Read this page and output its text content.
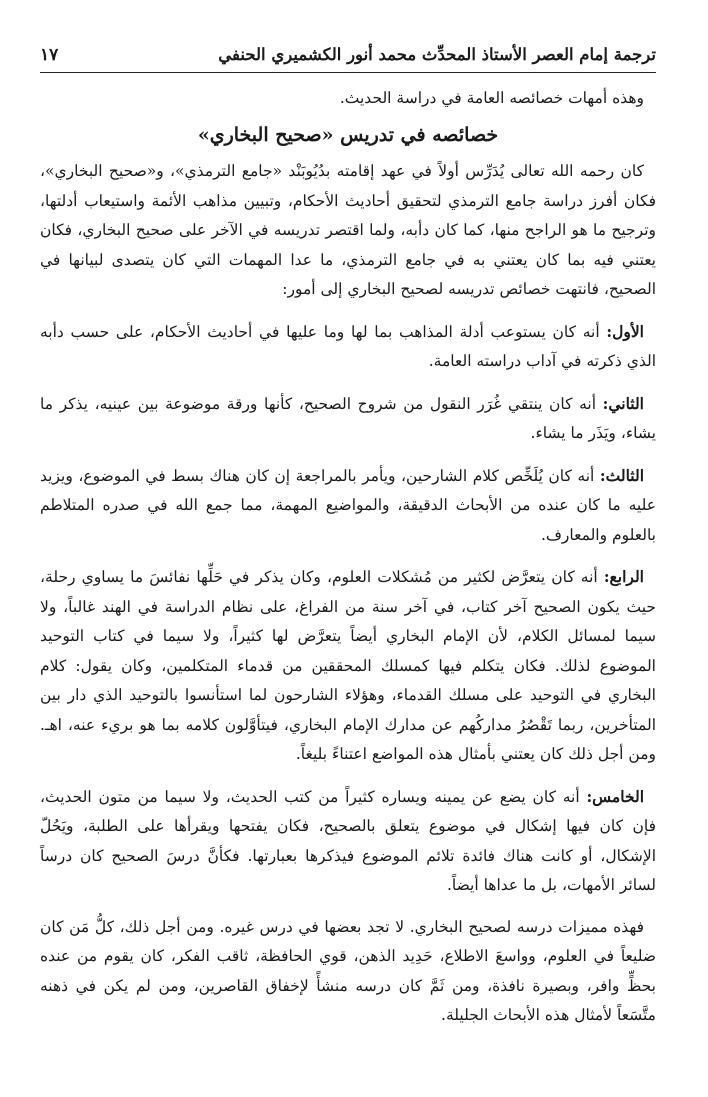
ترجمة إمام العصر الأستاذ المحدِّث محمد أنور الكشميري الحنفي
١٧

وهذه أمهات خصائصه العامة في دراسة الحديث.

خصائصه في تدريس «صحيح البخاري»

كان رحمه الله تعالى يُدَرِّس أولاً في عهد إقامته بدُيُوبَنْد «جامع الترمذي»، و«صحيح البخاري»، فكان أفرز دراسة جامع الترمذي لتحقيق أحاديث الأحكام، وتبيين مذاهب الأئمة واستيعاب أدلتها، وترجيح ما هو الراجح منها، كما كان دأبه، ولما اقتصر تدريسه في الآخر على صحيح البخاري، فكان يعتني فيه بما كان يعتني به في جامع الترمذي، ما عدا المهمات التي كان يتصدى لبيانها في الصحيح، فانتهت خصائص تدريسه لصحيح البخاري إلى أمور:

الأول: أنه كان يستوعب أدلة المذاهب بما لها وما عليها في أحاديث الأحكام، على حسب دأبه الذي ذكرته في آداب دراسته العامة.

الثاني: أنه كان ينتقي غُرَر النقول من شروح الصحيح، كأنها ورقة موضوعة بين عينيه، يذكر ما يشاء، ويَذَر ما يشاء.

الثالث: أنه كان يُلَخِّص كلام الشارحين، ويأمر بالمراجعة إن كان هناك بسط في الموضوع، ويزيد عليه ما كان عنده من الأبحاث الدقيقة، والمواضيع المهمة، مما جمع الله في صدره المتلاطم بالعلوم والمعارف.

الرابع: أنه كان يتعرَّض لكثير من مُشكلات العلوم، وكان يذكر في حَلِّها نفائسَ ما يساوي رحلة، حيث يكون الصحيح آخر كتاب، في آخر سنة من الفراغ، على نظام الدراسة في الهند غالباً، ولا سيما لمسائل الكلام، لأن الإمام البخاري أيضاً يتعرَّض لها كثيراً، ولا سيما في كتاب التوحيد الموضوع لذلك. فكان يتكلم فيها كمسلك المحققين من قدماء المتكلمين، وكان يقول: كلام البخاري في التوحيد على مسلك القدماء، وهؤلاء الشارحون لما استأنسوا بالتوحيد الذي دار بين المتأخرين، ربما تَقْصُرُ مداركُهم عن مدارك الإمام البخاري، فيتأوَّلون كلامه بما هو بريء عنه، اهـ. ومن أجل ذلك كان يعتني بأمثال هذه المواضع اعتناءً بليغاً.

الخامس: أنه كان يضع عن يمينه ويساره كثيراً من كتب الحديث، ولا سيما من متون الحديث، فإن كان فيها إشكال في موضوع يتعلق بالصحيح، فكان يفتحها ويقرأها على الطلبة، ويَحُلّ الإشكال، أو كانت هناك فائدة تلائم الموضوع فيذكرها بعبارتها. فكأنَّ درسَ الصحيح كان درساً لسائر الأمهات، بل ما عداها أيضاً.

فهذه مميزات درسه لصحيح البخاري. لا تجد بعضها في درس غيره. ومن أجل ذلك، كلُّ مَن كان ضليعاً في العلوم، وواسعَ الاطلاع، حَدِيد الذهن، قوي الحافظة، ثاقب الفكر، كان يقوم من عنده بحظٍّ وافر، وبصيرة نافذة، ومن ثَمَّ كان درسه منشأً لإخفاق القاصرين، ومن لم يكن في ذهنه متَّسَعاً لأمثال هذه الأبحاث الجليلة.
